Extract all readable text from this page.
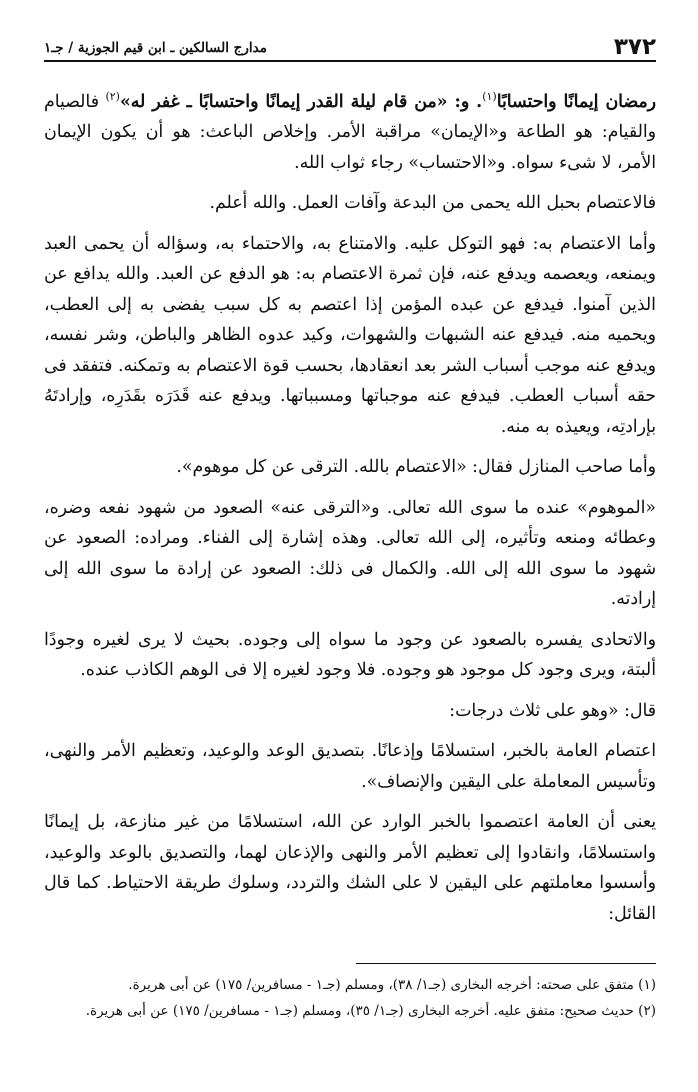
٣٧٢
مدارج السالكين ـ ابن قيم الجوزية / جـ١

رمضان إيمانًا واحتسابًا$^{(١)}$. و: «من قام ليلة القدر إيمانًا واحتسابًا ـ غفر له»$^{(٢)}$ فالصيام والقيام: هو الطاعة و«الإيمان» مراقبة الأمر. وإخلاص الباعث: هو أن يكون الإيمان الأمر، لا شىء سواه. و«الاحتساب» رجاء ثواب الله.

فالاعتصام بحبل الله يحمى من البدعة وآفات العمل. والله أعلم.

وأما الاعتصام به: فهو التوكل عليه. والامتناع به، والاحتماء به، وسؤاله أن يحمى العبد ويمنعه، ويعصمه ويدفع عنه، فإن ثمرة الاعتصام به: هو الدفع عن العبد. والله يدافع عن الذين آمنوا. فيدفع عن عبده المؤمن إذا اعتصم به كل سبب يفضى به إلى العطب، ويحميه منه. فيدفع عنه الشبهات والشهوات، وكيد عدوه الظاهر والباطن، وشر نفسه، ويدفع عنه موجب أسباب الشر بعد انعقادها، بحسب قوة الاعتصام به وتمكنه. فتفقد فى حقه أسباب العطب. فيدفع عنه موجباتها ومسبباتها. ويدفع عنه قَدَرَه بقَدَرِه، وإرادتَهُ بإرادتِه، ويعيذه به منه.

وأما صاحب المنازل فقال: «الاعتصام بالله. الترقى عن كل موهوم».

«الموهوم» عنده ما سوى الله تعالى. و«الترقى عنه» الصعود من شهود نفعه وضره، وعطائه ومنعه وتأثيره، إلى الله تعالى. وهذه إشارة إلى الفناء. ومراده: الصعود عن شهود ما سوى الله إلى الله. والكمال فى ذلك: الصعود عن إرادة ما سوى الله إلى إرادته.

والاتحادى يفسره بالصعود عن وجود ما سواه إلى وجوده. بحيث لا يرى لغيره وجودًا ألبتة، ويرى وجود كل موجود هو وجوده. فلا وجود لغيره إلا فى الوهم الكاذب عنده.

قال: «وهو على ثلاث درجات:

اعتصام العامة بالخبر، استسلامًا وإذعانًا. بتصديق الوعد والوعيد، وتعظيم الأمر والنهى، وتأسيس المعاملة على اليقين والإنصاف».

يعنى أن العامة اعتصموا بالخبر الوارد عن الله، استسلامًا من غير منازعة، بل إيمانًا واستسلامًا، وانقادوا إلى تعظيم الأمر والنهى والإذعان لهما، والتصديق بالوعد والوعيد، وأسسوا معاملتهم على اليقين لا على الشك والتردد، وسلوك طريقة الاحتياط. كما قال القائل:

(١) متفق على صحته: أخرجه البخارى (جـ١/ ٣٨)، ومسلم (جـ١ - مسافرين/ ١٧٥) عن أبى هريرة.

(٢) حديث صحيح: متفق عليه. أخرجه البخارى (جـ١/ ٣٥)، ومسلم (جـ١ - مسافرين/ ١٧٥) عن أبى هريرة.
